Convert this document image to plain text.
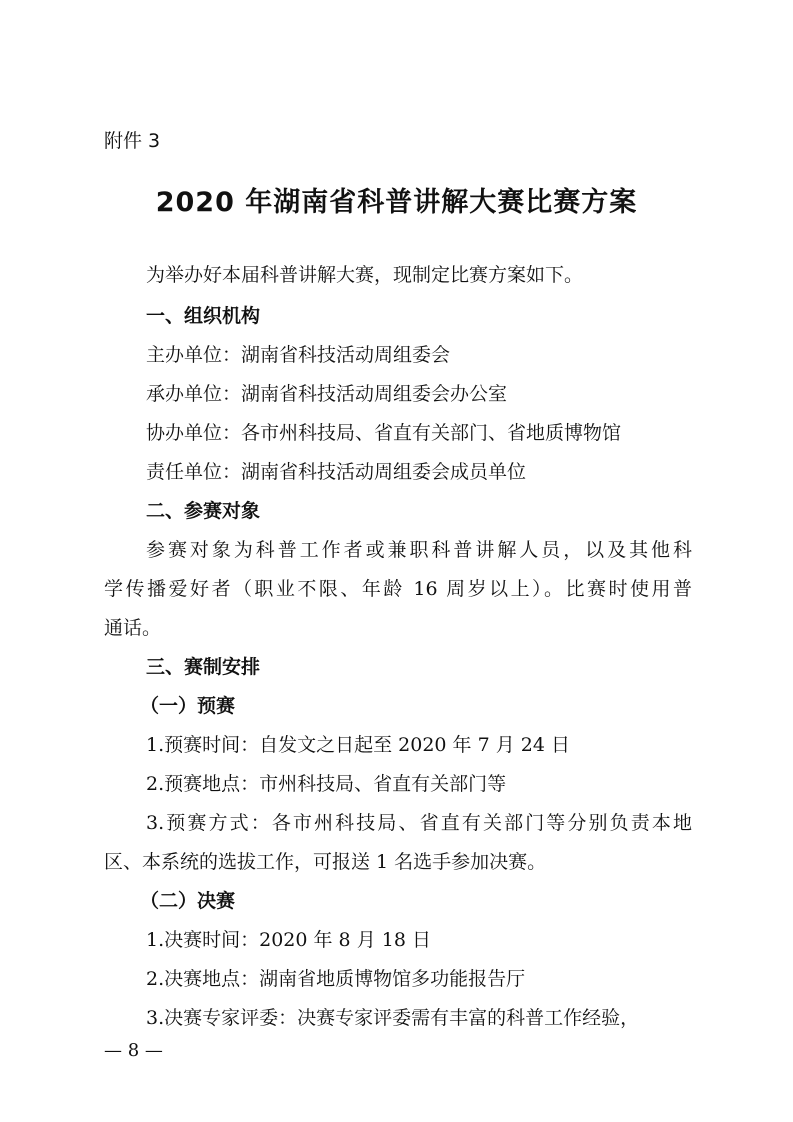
附件 3
2020 年湖南省科普讲解大赛比赛方案
为举办好本届科普讲解大赛，现制定比赛方案如下。
一、组织机构
主办单位：湖南省科技活动周组委会
承办单位：湖南省科技活动周组委会办公室
协办单位：各市州科技局、省直有关部门、省地质博物馆
责任单位：湖南省科技活动周组委会成员单位
二、参赛对象
参赛对象为科普工作者或兼职科普讲解人员，以及其他科
学传播爱好者（职业不限、年龄 16 周岁以上）。比赛时使用普
通话。
三、赛制安排
（一）预赛
1.预赛时间：自发文之日起至 2020 年 7 月 24 日
2.预赛地点：市州科技局、省直有关部门等
3.预赛方式：各市州科技局、省直有关部门等分别负责本地
区、本系统的选拔工作，可报送 1 名选手参加决赛。
（二）决赛
1.决赛时间：2020 年 8 月 18 日
2.决赛地点：湖南省地质博物馆多功能报告厅
3.决赛专家评委：决赛专家评委需有丰富的科普工作经验，
— 8 —
